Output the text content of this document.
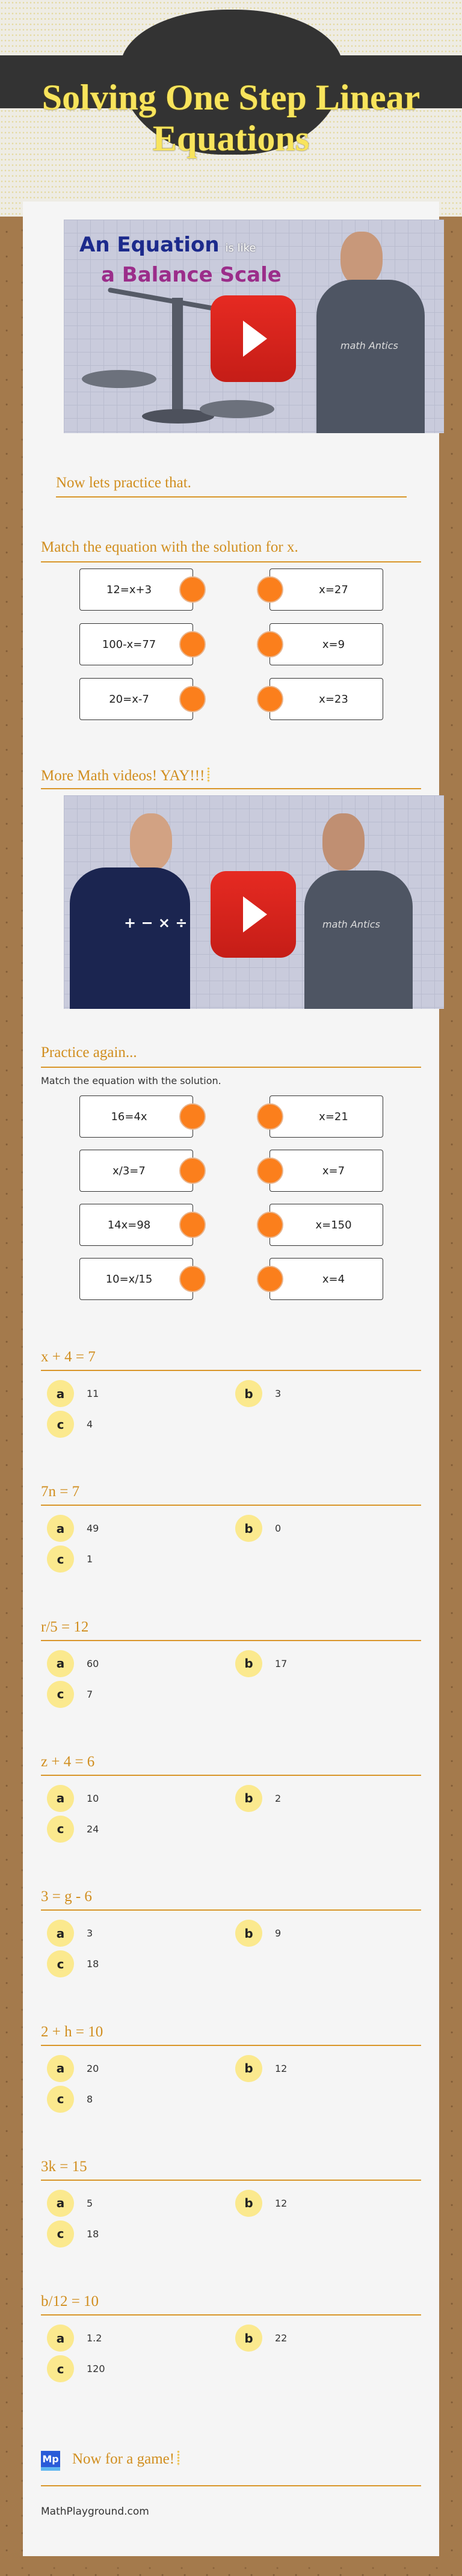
Solving One Step Linear Equations
math Antics
An Equation is like
a Balance Scale
Now lets practice that.
Match the equation with the solution for x.
12=x+3	x=27
100-x=77	x=9
20=x-7	x=23
More Math videos! YAY!!!
+ − × ÷	math Antics
Practice again...
Match the equation with the solution.
16=4x	x=21
x/3=7	x=7
14x=98	x=150
10=x/15	x=4
x + 4 = 7
a	11	b	3
c	4
7n = 7
a	49	b	0
c	1
r/5 = 12
a	60	b	17
c	7
z + 4 = 6
a	10	b	2
c	24
3 = g - 6
a	3	b	9
c	18
2 + h = 10
a	20	b	12
c	8
3k = 15
a	5	b	12
c	18
b/12 = 10
a	1.2	b	22
c	120
Mp Now for a game!
MathPlayground.com
